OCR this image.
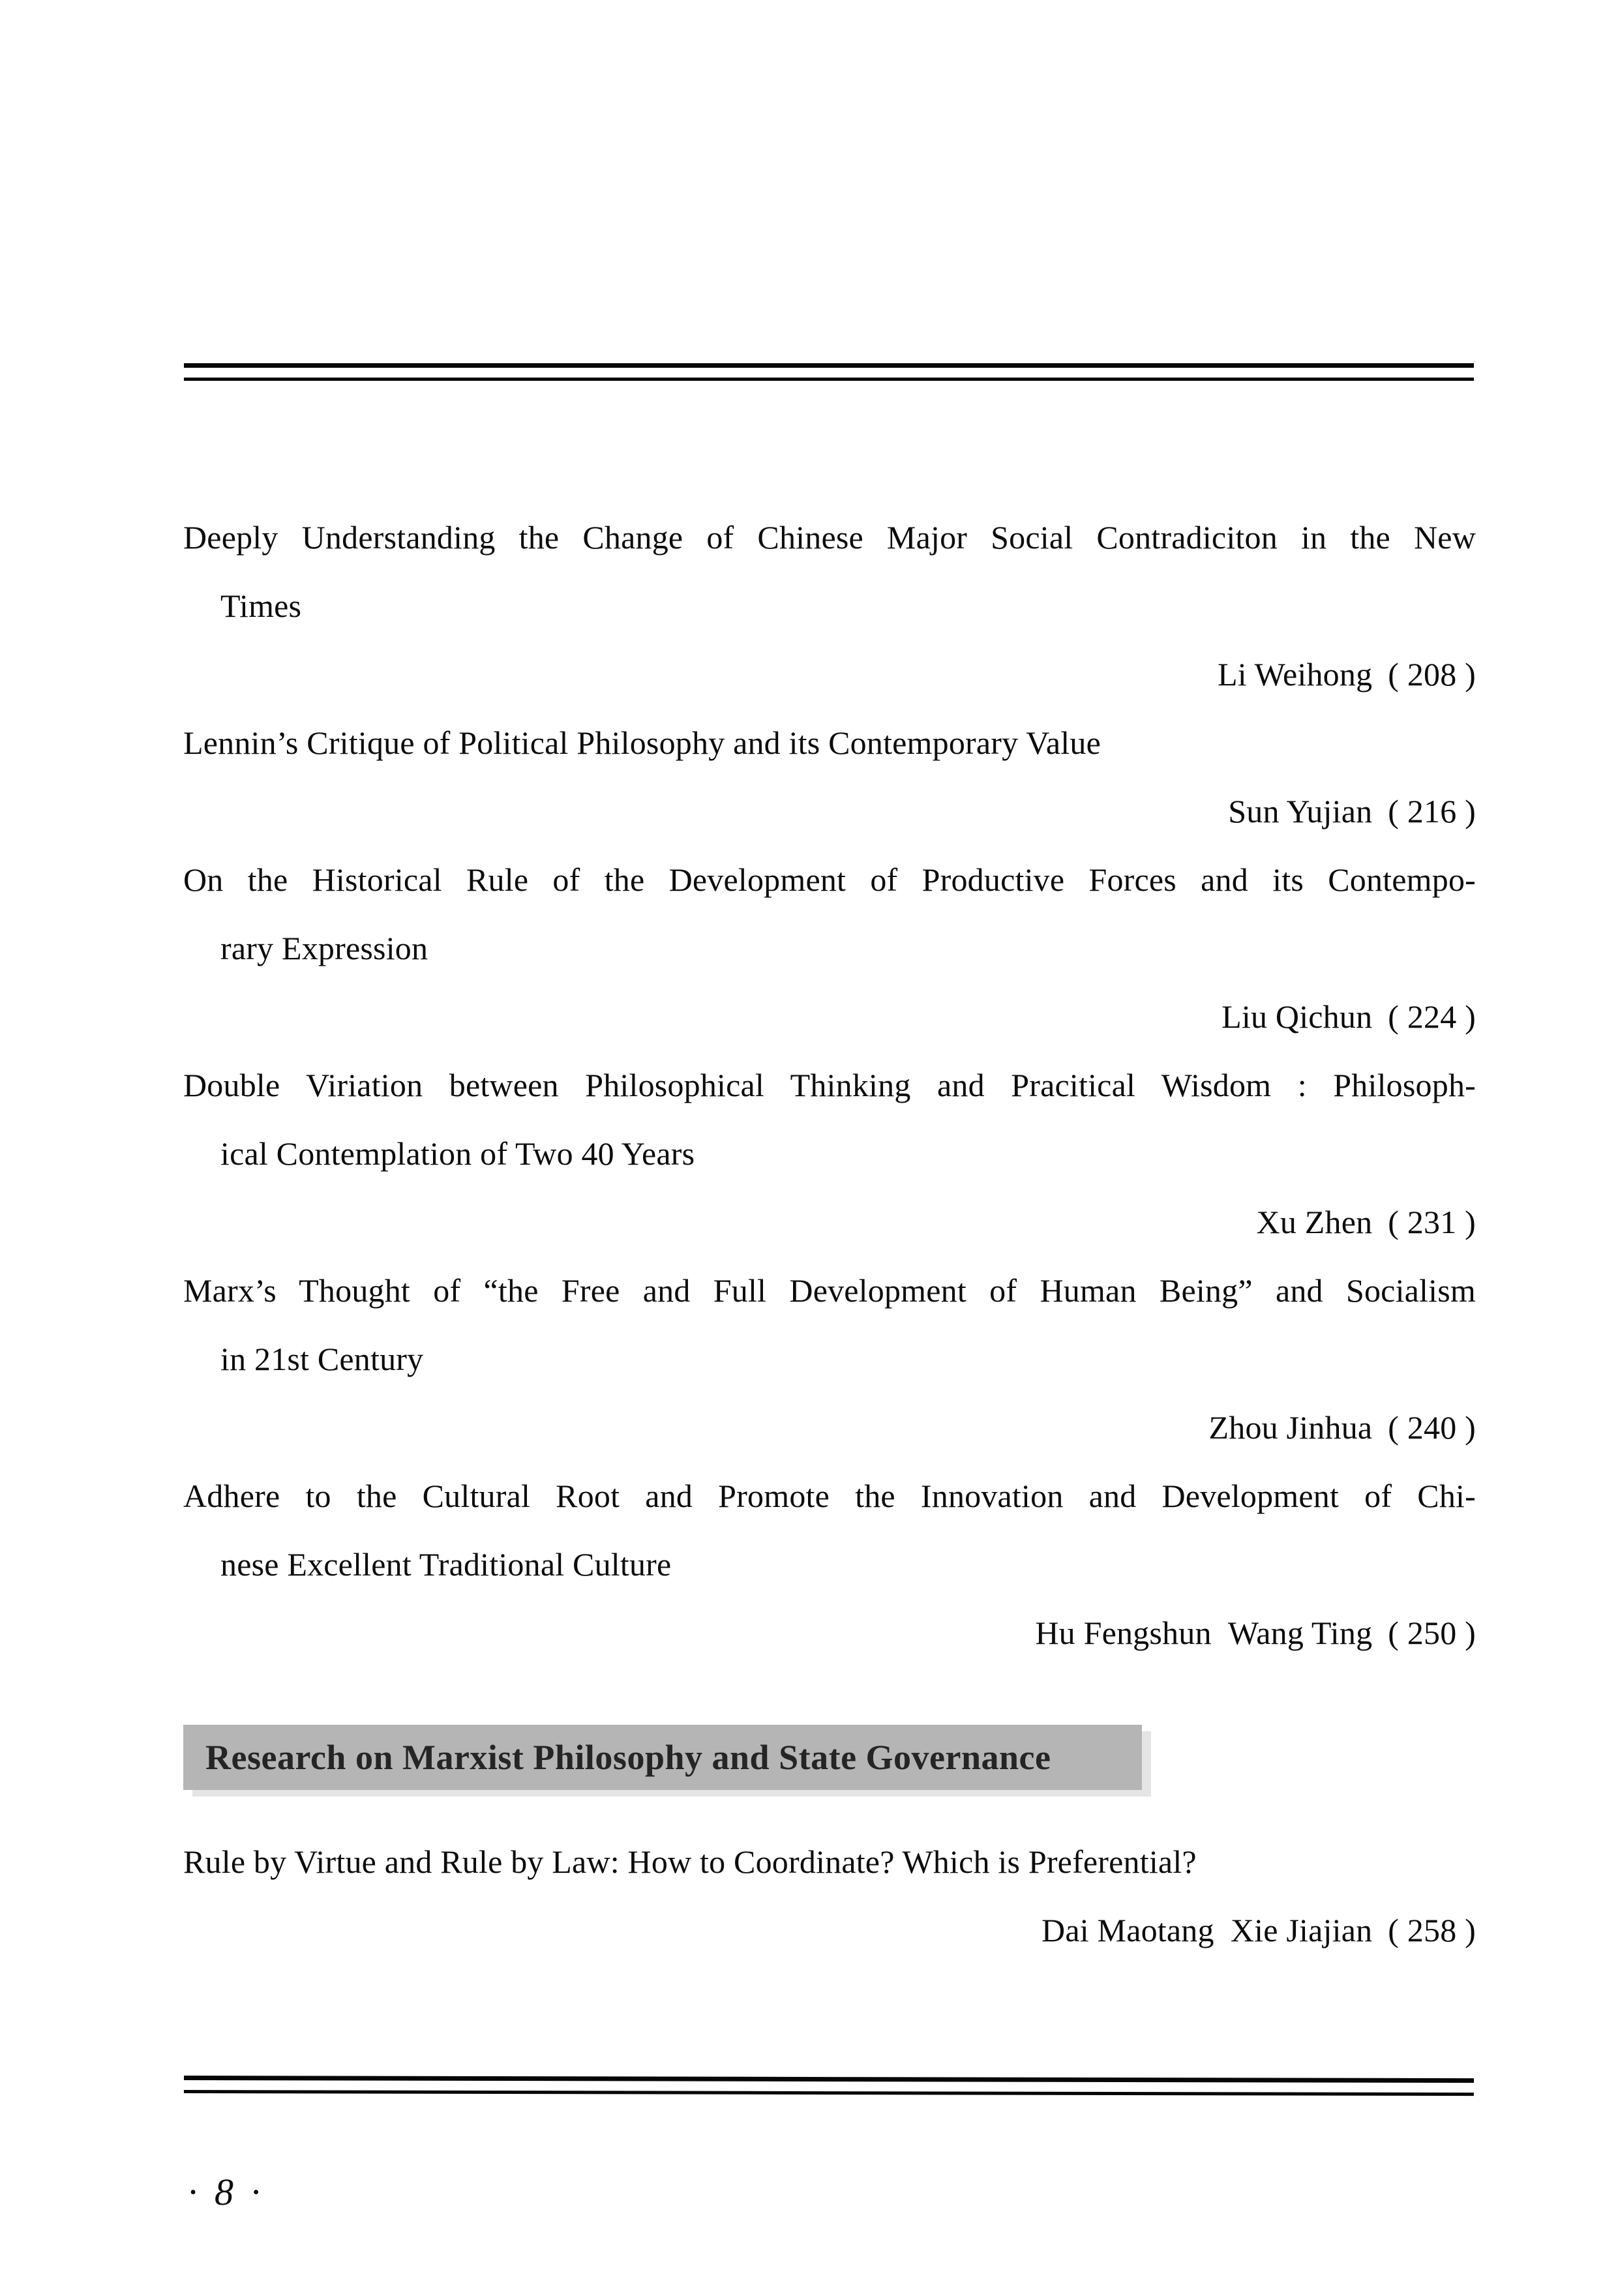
Deeply Understanding the Change of Chinese Major Social Contradiciton in the New
Times
Li Weihong ( 208 )
Lennin’s Critique of Political Philosophy and its Contemporary Value
Sun Yujian ( 216 )
On the Historical Rule of the Development of Productive Forces and its Contempo-
rary Expression
Liu Qichun ( 224 )
Double Viriation between Philosophical Thinking and Pracitical Wisdom : Philosoph-
ical Contemplation of Two 40 Years
Xu Zhen ( 231 )
Marx’s Thought of “the Free and Full Development of Human Being” and Socialism
in 21st Century
Zhou Jinhua ( 240 )
Adhere to the Cultural Root and Promote the Innovation and Development of Chi-
nese Excellent Traditional Culture
Hu Fengshun Wang Ting ( 250 )
Research on Marxist Philosophy and State Governance
Rule by Virtue and Rule by Law: How to Coordinate? Which is Preferential?
Dai Maotang Xie Jiajian ( 258 )
· 8 ·
